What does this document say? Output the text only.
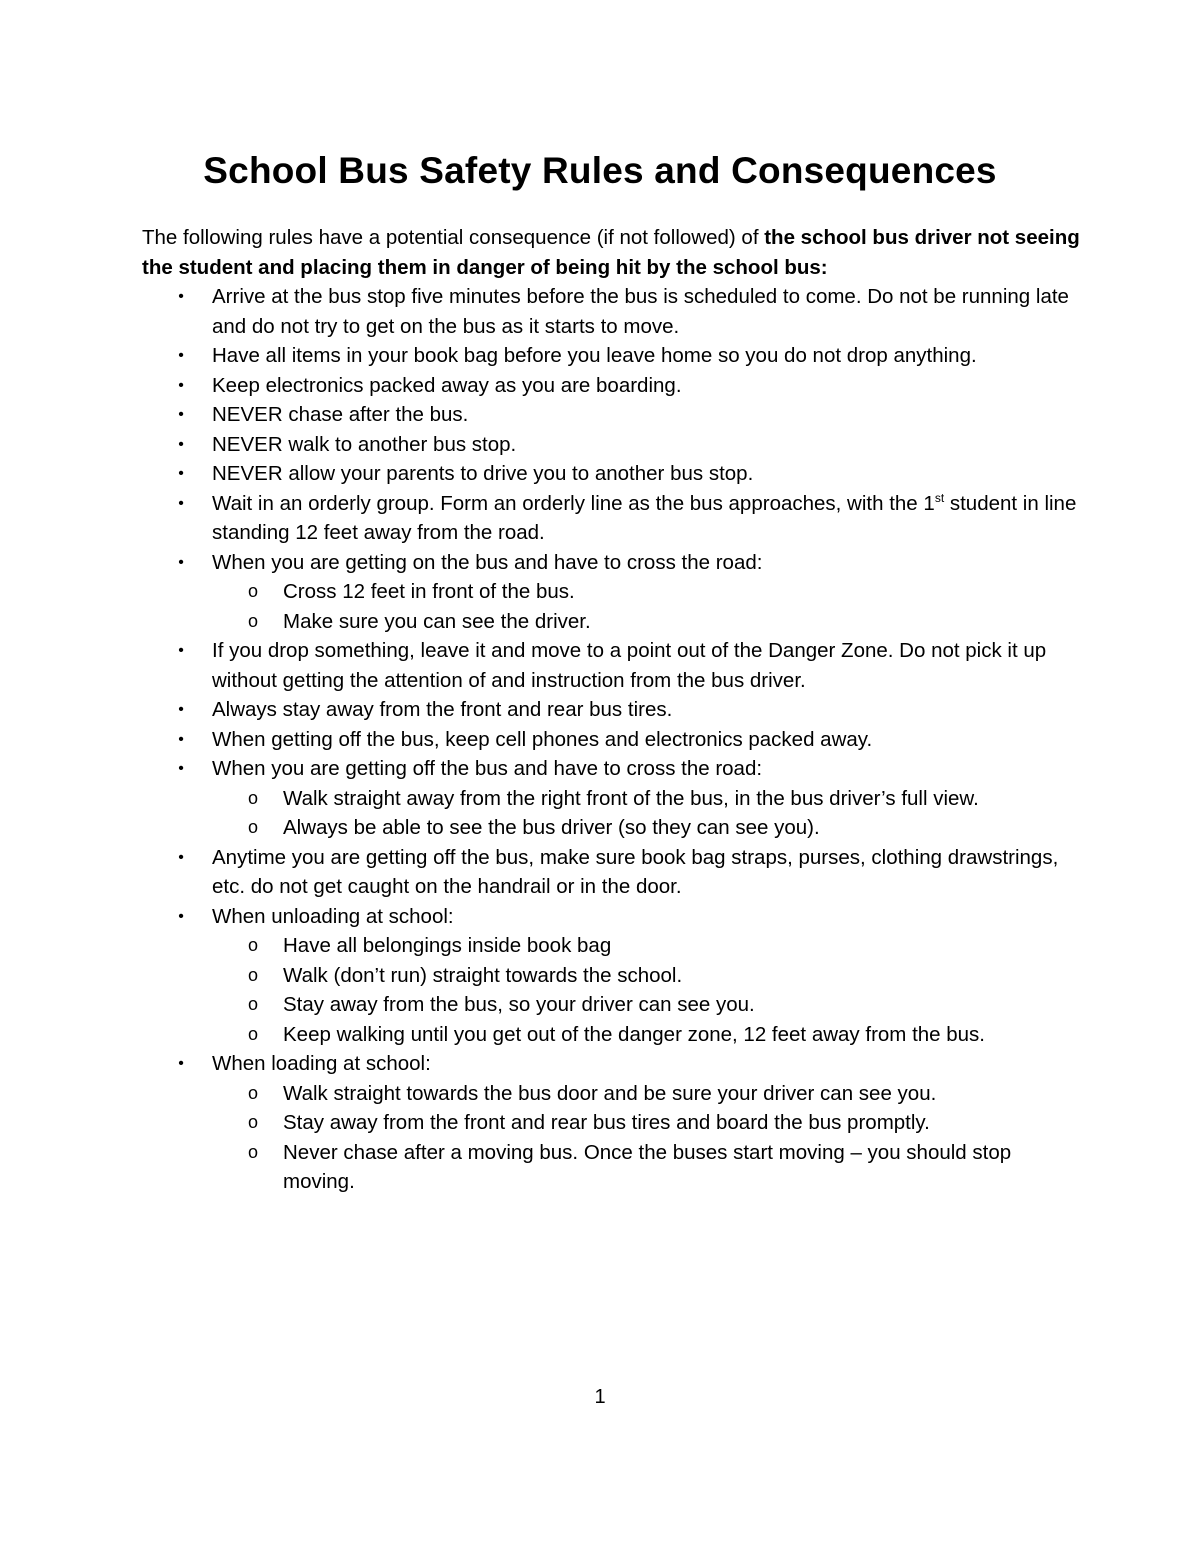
School Bus Safety Rules and Consequences

The following rules have a potential consequence (if not followed) of the school bus driver not seeing the student and placing them in danger of being hit by the school bus:

• Arrive at the bus stop five minutes before the bus is scheduled to come. Do not be running late and do not try to get on the bus as it starts to move.
• Have all items in your book bag before you leave home so you do not drop anything.
• Keep electronics packed away as you are boarding.
• NEVER chase after the bus.
• NEVER walk to another bus stop.
• NEVER allow your parents to drive you to another bus stop.
• Wait in an orderly group. Form an orderly line as the bus approaches, with the 1st student in line standing 12 feet away from the road.
• When you are getting on the bus and have to cross the road:
o Cross 12 feet in front of the bus.
o Make sure you can see the driver.
• If you drop something, leave it and move to a point out of the Danger Zone. Do not pick it up without getting the attention of and instruction from the bus driver.
• Always stay away from the front and rear bus tires.
• When getting off the bus, keep cell phones and electronics packed away.
• When you are getting off the bus and have to cross the road:
o Walk straight away from the right front of the bus, in the bus driver’s full view.
o Always be able to see the bus driver (so they can see you).
• Anytime you are getting off the bus, make sure book bag straps, purses, clothing drawstrings, etc. do not get caught on the handrail or in the door.
• When unloading at school:
o Have all belongings inside book bag
o Walk (don’t run) straight towards the school.
o Stay away from the bus, so your driver can see you.
o Keep walking until you get out of the danger zone, 12 feet away from the bus.
• When loading at school:
o Walk straight towards the bus door and be sure your driver can see you.
o Stay away from the front and rear bus tires and board the bus promptly.
o Never chase after a moving bus. Once the buses start moving – you should stop moving.
1
